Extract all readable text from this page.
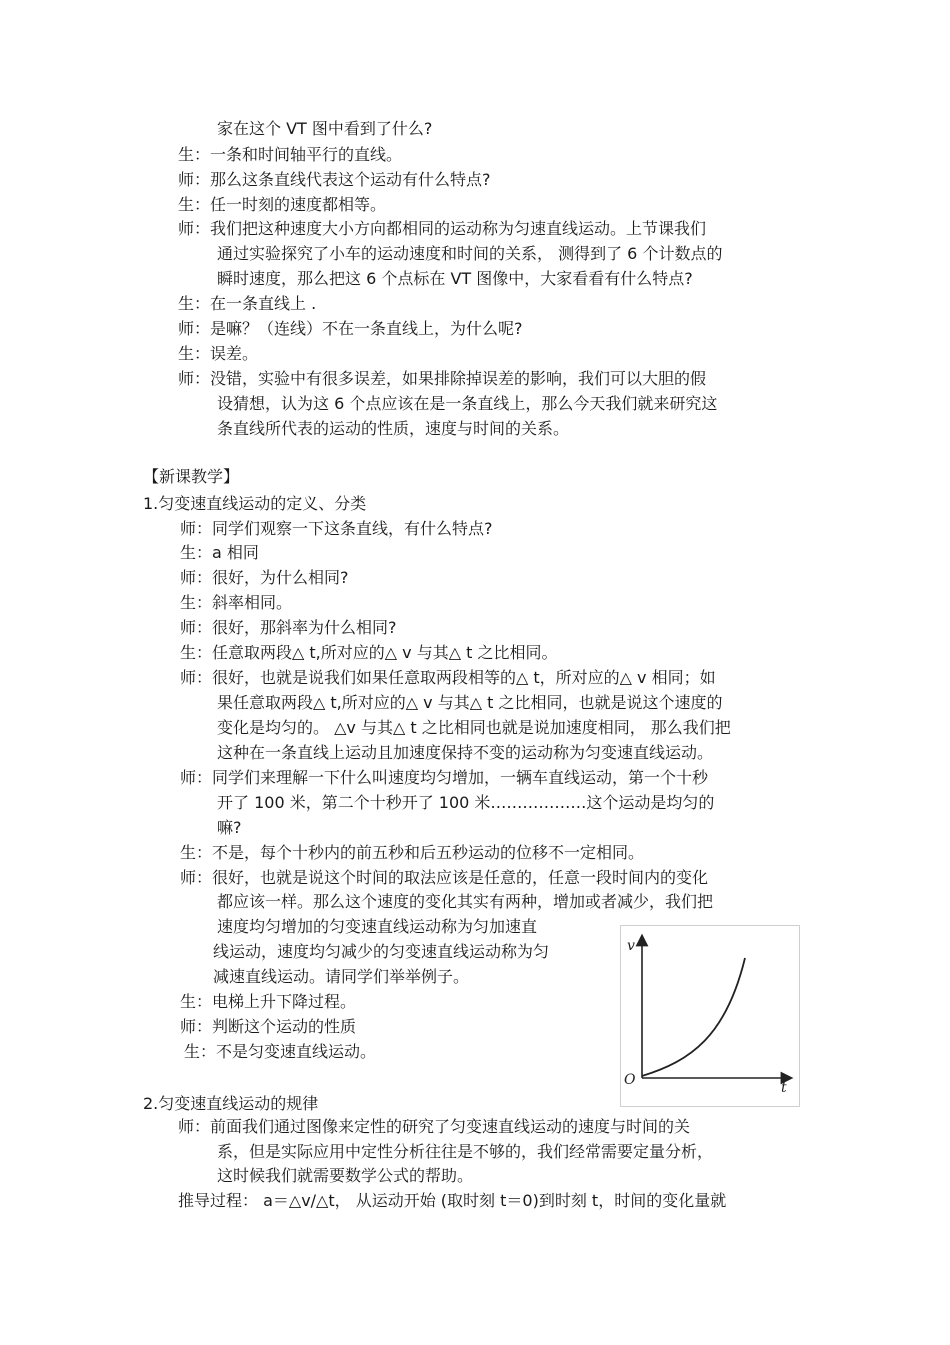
家在这个 VT 图中看到了什么?
生：一条和时间轴平行的直线。
师：那么这条直线代表这个运动有什么特点?
生：任一时刻的速度都相等。
师：我们把这种速度大小方向都相同的运动称为匀速直线运动。上节课我们
通过实验探究了小车的运动速度和时间的关系， 测得到了 6 个计数点的
瞬时速度，那么把这 6 个点标在 VT 图像中，大家看看有什么特点?
生：在一条直线上 .
师：是嘛？（连线）不在一条直线上，为什么呢?
生：误差。
师：没错，实验中有很多误差，如果排除掉误差的影响，我们可以大胆的假
设猜想，认为这 6 个点应该在是一条直线上，那么今天我们就来研究这
条直线所代表的运动的性质，速度与时间的关系。
【新课教学】
1.匀变速直线运动的定义、分类
师：同学们观察一下这条直线，有什么特点?
生：a 相同
师：很好，为什么相同?
生：斜率相同。
师：很好，那斜率为什么相同?
生：任意取两段△ t,所对应的△ v 与其△ t 之比相同。
师：很好，也就是说我们如果任意取两段相等的△ t，所对应的△ v 相同；如
果任意取两段△ t,所对应的△ v 与其△ t 之比相同，也就是说这个速度的
变化是均匀的。 △v 与其△ t 之比相同也就是说加速度相同， 那么我们把
这种在一条直线上运动且加速度保持不变的运动称为匀变速直线运动。
师：同学们来理解一下什么叫速度均匀增加，一辆车直线运动，第一个十秒
开了 100 米，第二个十秒开了 100 米………………这个运动是均匀的
嘛?
生：不是，每个十秒内的前五秒和后五秒运动的位移不一定相同。
师：很好，也就是说这个时间的取法应该是任意的，任意一段时间内的变化
都应该一样。那么这个速度的变化其实有两种，增加或者减少，我们把
速度均匀增加的匀变速直线运动称为匀加速直
线运动，速度均匀减少的匀变速直线运动称为匀
减速直线运动。请同学们举举例子。
生：电梯上升下降过程。
师：判断这个运动的性质
生：不是匀变速直线运动。
2.匀变速直线运动的规律
师：前面我们通过图像来定性的研究了匀变速直线运动的速度与时间的关
系，但是实际应用中定性分析往往是不够的，我们经常需要定量分析，
这时候我们就需要数学公式的帮助。
推导过程： a＝△v/△t， 从运动开始 (取时刻 t＝0)到时刻 t，时间的变化量就
v
t
O
